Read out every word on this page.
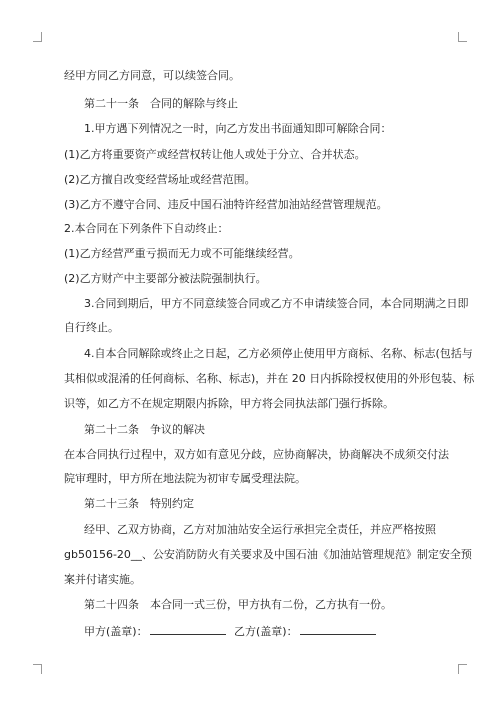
经甲方同乙方同意，可以续签合同。
第二十一条　合同的解除与终止
1.甲方遇下列情况之一时，向乙方发出书面通知即可解除合同：
(1)乙方将重要资产或经营权转让他人或处于分立、合并状态。
(2)乙方擅自改变经营场址或经营范围。
(3)乙方不遵守合同、违反中国石油特许经营加油站经营管理规范。
2.本合同在下列条件下自动终止：
(1)乙方经营严重亏损而无力或不可能继续经营。
(2)乙方财产中主要部分被法院强制执行。
3.合同到期后，甲方不同意续签合同或乙方不申请续签合同，本合同期满之日即
自行终止。
4.自本合同解除或终止之日起，乙方必须停止使用甲方商标、名称、标志(包括与
其相似或混淆的任何商标、名称、标志)，并在 20 日内拆除授权使用的外形包装、标
识等，如乙方不在规定期限内拆除，甲方将会同执法部门强行拆除。
第二十二条　争议的解决
在本合同执行过程中，双方如有意见分歧，应协商解决，协商解决不成须交付法
院审理时，甲方所在地法院为初审专属受理法院。
第二十三条　特别约定
经甲、乙双方协商，乙方对加油站安全运行承担完全责任，并应严格按照
gb50156-20__、公安消防防火有关要求及中国石油《加油站管理规范》制定安全预
案并付诸实施。
第二十四条　本合同一式三份，甲方执有二份，乙方执有一份。
甲方(盖章)：	乙方(盖章)：
